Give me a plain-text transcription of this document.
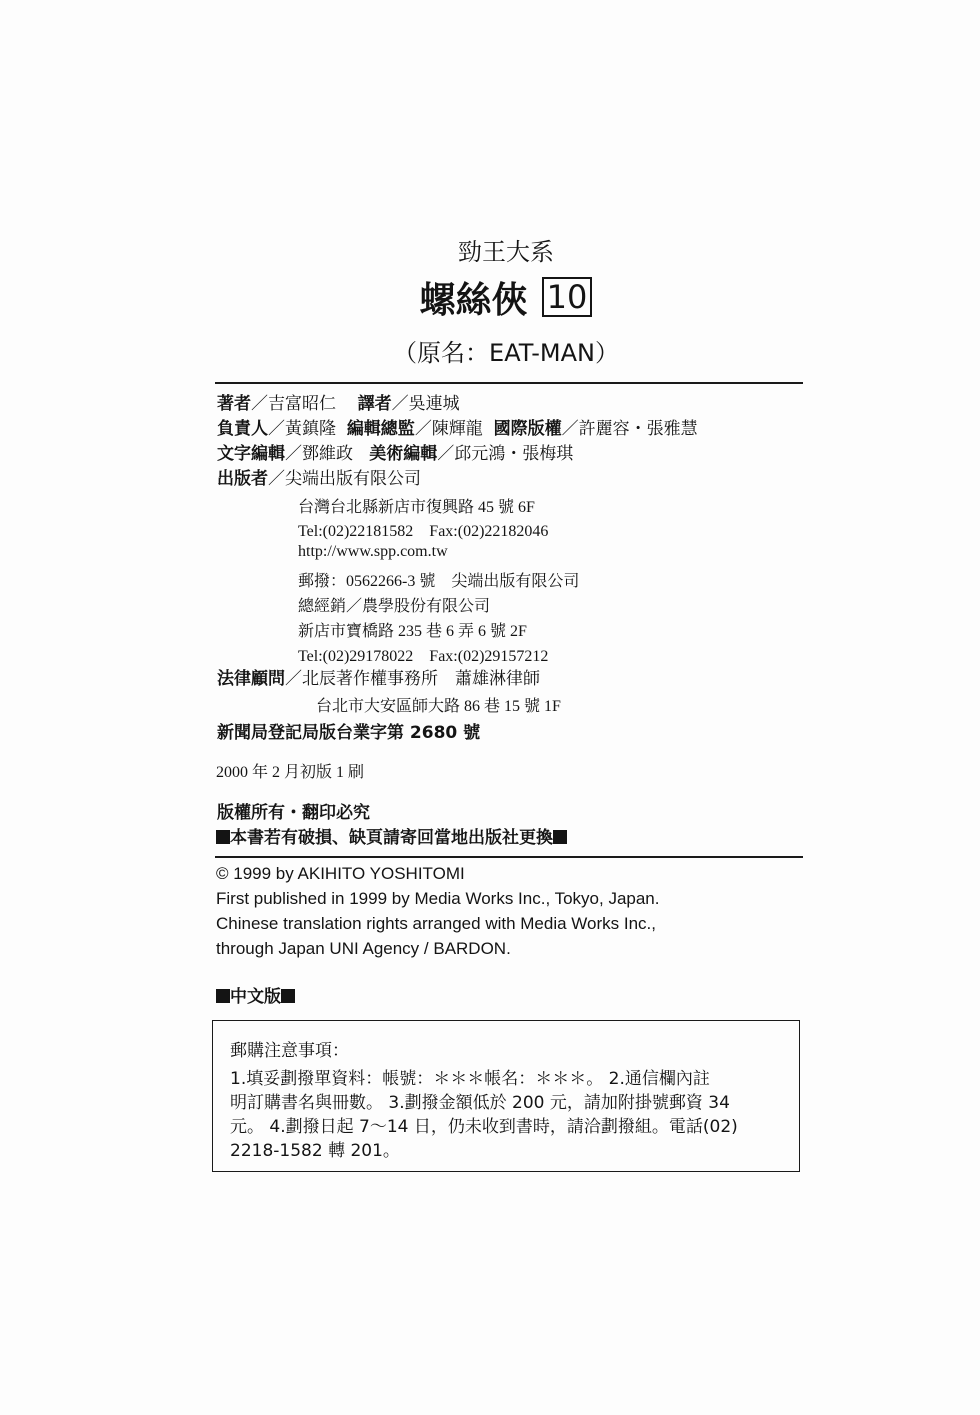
勁王大系
螺絲俠 10
（原名：EAT-MAN）
著者／吉富昭仁 譯者／吳連城
負責人／黃鎮隆 編輯總監／陳輝龍 國際版權／許麗容・張雅慧
文字編輯／鄧維政 美術編輯／邱元鴻・張梅琪
出版者／尖端出版有限公司
台灣台北縣新店市復興路 45 號 6F
Tel:(02)22181582　Fax:(02)22182046
http://www.spp.com.tw
郵撥：0562266-3 號　尖端出版有限公司
總經銷／農學股份有限公司
新店市寶橋路 235 巷 6 弄 6 號 2F
Tel:(02)29178022　Fax:(02)29157212
法律顧問／北辰著作權事務所　蕭雄淋律師
台北市大安區師大路 86 巷 15 號 1F
新聞局登記局版台業字第 2680 號
2000 年 2 月初版 1 刷
版權所有・翻印必究
本書若有破損、缺頁請寄回當地出版社更換
© 1999 by AKIHITO YOSHITOMI
First published in 1999 by Media Works Inc., Tokyo, Japan.
Chinese translation rights arranged with Media Works Inc.,
through Japan UNI Agency / BARDON.
中文版
郵購注意事項：
1.填妥劃撥單資料：帳號：＊＊＊帳名：＊＊＊。 2.通信欄內註
明訂購書名與冊數。 3.劃撥金額低於 200 元，請加附掛號郵資 34
元。 4.劃撥日起 7～14 日，仍未收到書時，請洽劃撥組。電話(02)
2218-1582 轉 201。
